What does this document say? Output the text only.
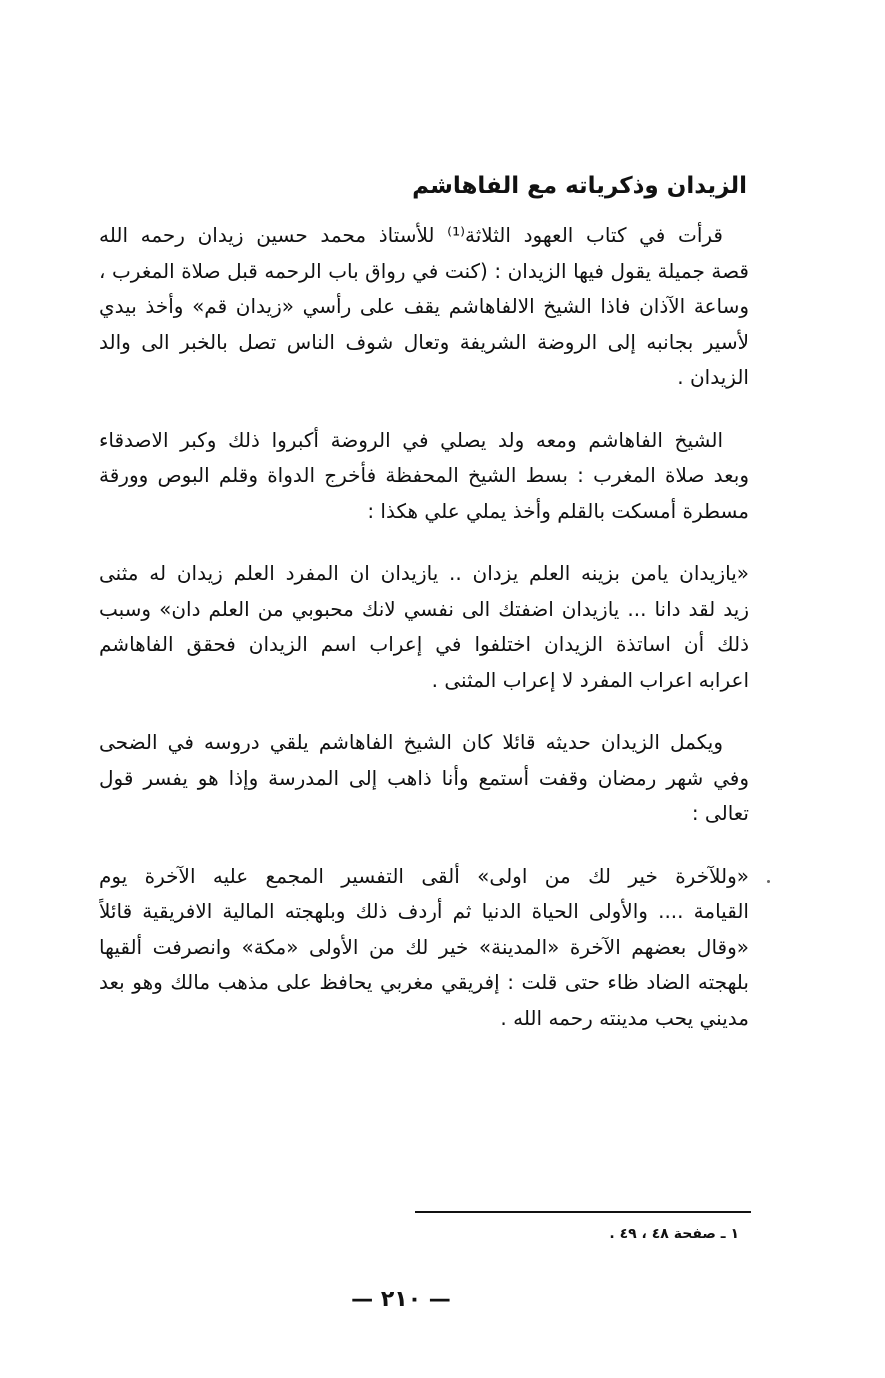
الزيدان وذكرياته مع الفاهاشم
قرأت في كتاب العهود الثلاثة⁽¹⁾ للأستاذ محمد حسين زيدان رحمه الله
قصة جميلة يقول فيها الزيدان : (كنت في رواق باب الرحمه قبل صلاة المغرب ،
وساعة الآذان فاذا الشيخ الالفاهاشم يقف على رأسي «زيدان قم» وأخذ بيدي
لأسير بجانبه إلى الروضة الشريفة وتعال شوف الناس تصل بالخبر الى والد
الزيدان .
الشيخ الفاهاشم ومعه ولد يصلي في الروضة أكبروا ذلك وكبر الاصدقاء
وبعد صلاة المغرب : بسط الشيخ المحفظة فأخرج الدواة وقلم البوص وورقة
مسطرة أمسكت بالقلم وأخذ يملي علي هكذا :
«يازيدان يامن بزينه العلم يزدان .. يازيدان ان المفرد العلم زيدان له مثنى
زيد لقد دانا ... يازيدان اضفتك الى نفسي لانك محبوبي من العلم دان» وسبب
ذلك أن اساتذة الزيدان اختلفوا في إعراب اسم الزيدان فحقق الفاهاشم
اعرابه اعراب المفرد لا إعراب المثنى .
ويكمل الزيدان حديثه قائلا كان الشيخ الفاهاشم يلقي دروسه في الضحى
وفي شهر رمضان وقفت أستمع وأنا ذاهب إلى المدرسة وإذا هو يفسر قول
تعالى :
«وللآخرة خير لك من اولى» ألقى التفسير المجمع عليه الآخرة يوم
القيامة .... والأولى الحياة الدنيا ثم أردف ذلك وبلهجته المالية الافريقية قائلاً
«وقال بعضهم الآخرة «المدينة» خير لك من الأولى «مكة» وانصرفت ألقيها
بلهجته الضاد ظاء حتى قلت : إفريقي مغربي يحافظ على مذهب مالك وهو بعد
مديني يحب مدينته رحمه الله .
١ ـ صفحة ٤٨ ، ٤٩ .
— ٢١٠ —
